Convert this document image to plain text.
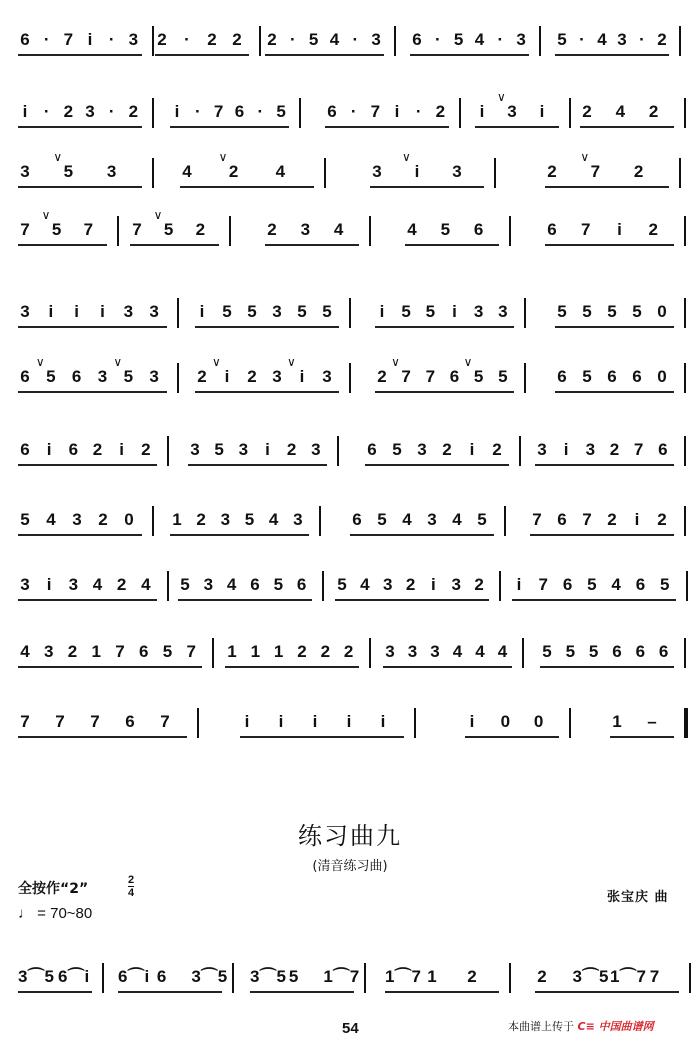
6 · 7 i · 3 2 · 2 2 2 · 5 4 · 3 6 · 5 4 · 3 5 · 4 3 · 2
i · 2 3 · 2 i · 7 6 · 5 6 · 7 i · 2 i
∨
3 i 2 4 2
3
∨
5 3	4
∨
2 4	3
∨
i 3	2
∨
7 2
7
∨
5 7 7
∨
5 2	2 3 4	4 5 6	6 7 i 2
3 i i i 3 3 i 5 5 3 5 5	i 5 5 i 3 3	5 5 5 5 0
6
∨
5 6 3
∨
5 3 2
∨
i 2 3
∨
i 3	2
∨
7 7 6
∨
5 5	6 5 6 6 0
6 i 6 2 i 2 3 5 3 i 2 3	6 5 3 2 i 2 3 i 3 2 7 6
5 4 3 2 0 1 2 3 5 4 3	6 5 4 3 4 5	7 6 7 2 i 2
3 i 3 4 2 4 5 3 4 6 5 6 5 4 3 2 i 3 2 i 7 6 5 4 6 5
4 3 2 1 7 6 5 7 1 1 1 2 2 2 3 3 3 4 4 4 5 5 5 6 6 6
7 7 7 6 7	i i i i i	i 0 0	1 –
3⌒5 6⌒i 6⌒i 6 3⌒5 3⌒5 5 1⌒7 1⌒7 1 2	2 3⌒5 1⌒7 7
练习曲九
(清音练习曲)
全按作“2”	$\frac{2}{4}$
♩ = 70~80
张宝庆 曲
54	本曲谱上传于 C≡ 中国曲谱网
